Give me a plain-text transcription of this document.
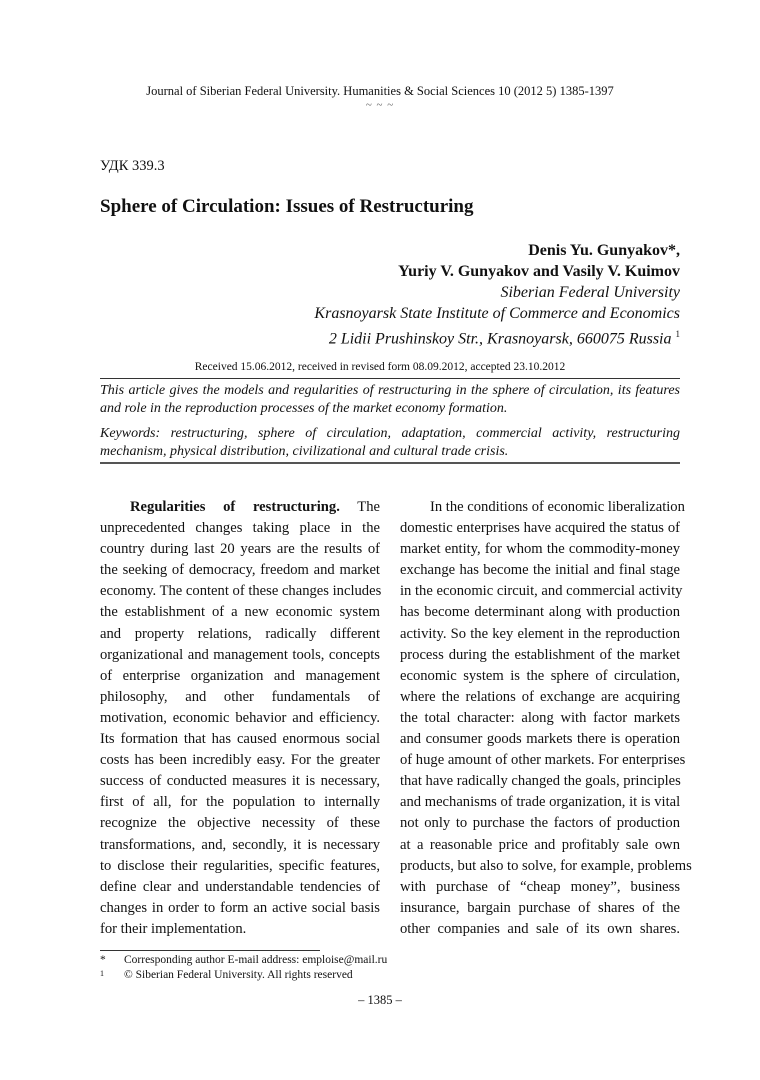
Journal of Siberian Federal University. Humanities & Social Sciences 10 (2012 5) 1385-1397
~ ~ ~
УДК 339.3
Sphere of Circulation: Issues of Restructuring
Denis Yu. Gunyakov*,
Yuriy V. Gunyakov and Vasily V. Kuimov
Siberian Federal University
Krasnoyarsk State Institute of Commerce and Economics
2 Lidii Prushinskoy Str., Krasnoyarsk, 660075 Russia $^1$
Received 15.06.2012, received in revised form 08.09.2012, accepted 23.10.2012
This article gives the models and regularities of restructuring in the sphere of circulation, its features and role in the reproduction processes of the market economy formation.
Keywords: restructuring, sphere of circulation, adaptation, commercial activity, restructuring mechanism, physical distribution, civilizational and cultural trade crisis.
Regularities of restructuring. The
unprecedented changes taking place in the
country during last 20 years are the results of
the seeking of democracy, freedom and market
economy. The content of these changes includes
the establishment of a new economic system
and property relations, radically different
organizational and management tools, concepts
of enterprise organization and management
philosophy, and other fundamentals of
motivation, economic behavior and efficiency.
Its formation that has caused enormous social
costs has been incredibly easy. For the greater
success of conducted measures it is necessary,
first of all, for the population to internally
recognize the objective necessity of these
transformations, and, secondly, it is necessary
to disclose their regularities, specific features,
define clear and understandable tendencies of
changes in order to form an active social basis
for their implementation.
In the conditions of economic liberalization
domestic enterprises have acquired the status of
market entity, for whom the commodity-money
exchange has become the initial and final stage
in the economic circuit, and commercial activity
has become determinant along with production
activity. So the key element in the reproduction
process during the establishment of the market
economic system is the sphere of circulation,
where the relations of exchange are acquiring
the total character: along with factor markets
and consumer goods markets there is operation
of huge amount of other markets. For enterprises
that have radically changed the goals, principles
and mechanisms of trade organization, it is vital
not only to purchase the factors of production
at a reasonable price and profitably sale own
products, but also to solve, for example, problems
with purchase of “cheap money”, business
insurance, bargain purchase of shares of the
other companies and sale of its own shares.
* Corresponding author E-mail address: emploise@mail.ru
1 © Siberian Federal University. All rights reserved
– 1385 –
